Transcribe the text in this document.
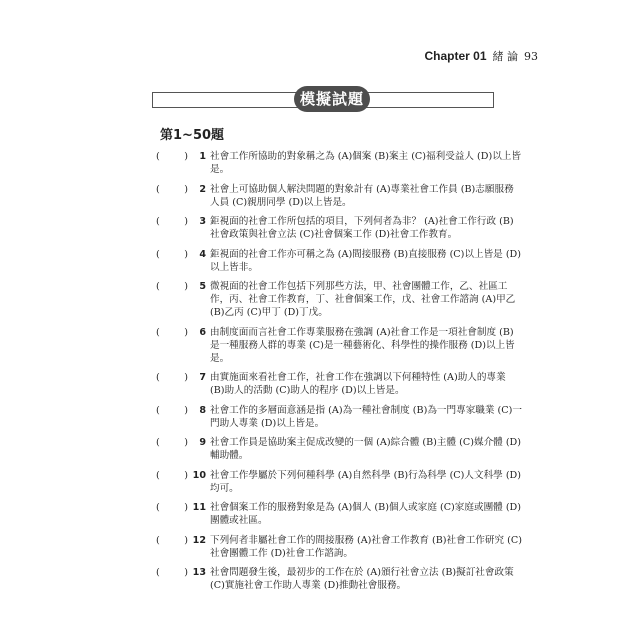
Chapter 01 緒 論 93
模擬試題
第1~50題
(	)	1 社會工作所協助的對象稱之為 (A)個案 (B)案主 (C)福利受益人 (D)以上皆是。
(	)	2 社會上可協助個人解決問題的對象計有 (A)專業社會工作員 (B)志願服務人員 (C)親朋同學 (D)以上皆是。
(	)	3 鉅視面的社會工作所包括的項目，下列何者為非？ (A)社會工作行政 (B)社會政策與社會立法 (C)社會個案工作 (D)社會工作教育。
(	)	4 鉅視面的社會工作亦可稱之為 (A)間接服務 (B)直接服務 (C)以上皆是 (D)以上皆非。
(	)	5 微視面的社會工作包括下列那些方法，甲、社會團體工作，乙、社區工作，丙、社會工作教育，丁、社會個案工作，戊、社會工作諮詢 (A)甲乙 (B)乙丙 (C)甲丁 (D)丁戊。
(	)	6 由制度面而言社會工作專業服務在強調 (A)社會工作是一項社會制度 (B)是一種服務人群的專業 (C)是一種藝術化、科學性的操作服務 (D)以上皆是。
(	)	7 由實施面來看社會工作，社會工作在強調以下何種特性 (A)助人的專業 (B)助人的活動 (C)助人的程序 (D)以上皆是。
(	)	8 社會工作的多層面意涵是指 (A)為一種社會制度 (B)為一門專家職業 (C)一門助人專業 (D)以上皆是。
(	)	9 社會工作員是協助案主促成改變的一個 (A)綜合體 (B)主體 (C)媒介體 (D)輔助體。
(	) 10 社會工作學屬於下列何種科學 (A)自然科學 (B)行為科學 (C)人文科學 (D)均可。
(	) 11 社會個案工作的服務對象是為 (A)個人 (B)個人或家庭 (C)家庭或團體 (D)團體或社區。
(	) 12 下列何者非屬社會工作的間接服務 (A)社會工作教育 (B)社會工作研究 (C)社會團體工作 (D)社會工作諮詢。
(	) 13 社會問題發生後，最初步的工作在於 (A)頒行社會立法 (B)擬訂社會政策 (C)實施社會工作助人專業 (D)推動社會服務。
